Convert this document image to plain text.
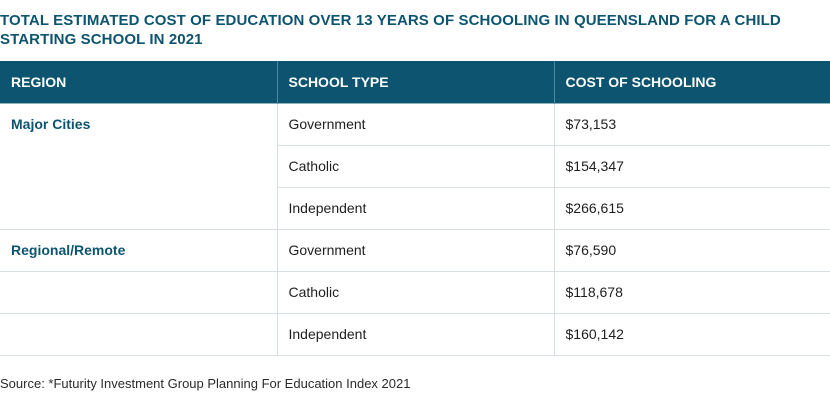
TOTAL ESTIMATED COST OF EDUCATION OVER 13 YEARS OF SCHOOLING IN QUEENSLAND FOR A CHILD STARTING SCHOOL IN 2021
REGION	SCHOOL TYPE	COST OF SCHOOLING
Major Cities	Government	$73,153
	Catholic	$154,347
	Independent	$266,615
Regional/Remote	Government	$76,590
	Catholic	$118,678
	Independent	$160,142
Source: *Futurity Investment Group Planning For Education Index 2021
